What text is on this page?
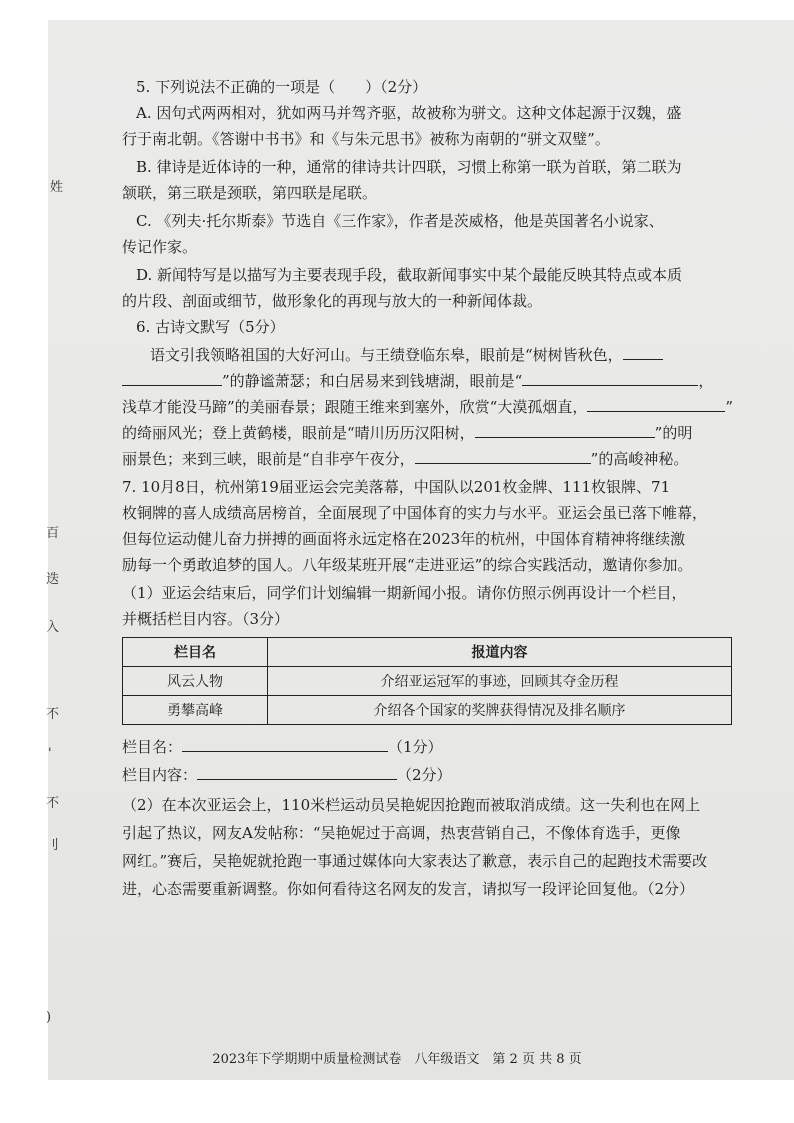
姓
百
迭
入
不
'
不
刂
)
5. 下列说法不正确的一项是（　　）（2分）
A. 因句式两两相对，犹如两马并驾齐驱，故被称为骈文。这种文体起源于汉魏，盛
行于南北朝。《答谢中书书》和《与朱元思书》被称为南朝的“骈文双璧”。
B. 律诗是近体诗的一种，通常的律诗共计四联，习惯上称第一联为首联，第二联为
颔联，第三联是颈联，第四联是尾联。
C. 《列夫·托尔斯泰》节选自《三作家》，作者是茨威格，他是英国著名小说家、
传记作家。
D. 新闻特写是以描写为主要表现手段，截取新闻事实中某个最能反映其特点或本质
的片段、剖面或细节，做形象化的再现与放大的一种新闻体裁。
6. 古诗文默写（5分）
语文引我领略祖国的大好河山。与王绩登临东皋，眼前是“树树皆秋色，
”的静谧萧瑟；和白居易来到钱塘湖，眼前是“	，
浅草才能没马蹄”的美丽春景；跟随王维来到塞外，欣赏“大漠孤烟直，	”
的绮丽风光；登上黄鹤楼，眼前是“晴川历历汉阳树，	”的明
丽景色；来到三峡，眼前是“自非亭午夜分，	”的高峻神秘。
7. 10月8日，杭州第19届亚运会完美落幕，中国队以201枚金牌、111枚银牌、71
枚铜牌的喜人成绩高居榜首，全面展现了中国体育的实力与水平。亚运会虽已落下帷幕，
但每位运动健儿奋力拼搏的画面将永远定格在2023年的杭州，中国体育精神将继续激
励每一个勇敢追梦的国人。八年级某班开展“走进亚运”的综合实践活动，邀请你参加。
（1）亚运会结束后，同学们计划编辑一期新闻小报。请你仿照示例再设计一个栏目，
并概括栏目内容。（3分）
栏目名	报道内容
风云人物	介绍亚运冠军的事迹，回顾其夺金历程
勇攀高峰	介绍各个国家的奖牌获得情况及排名顺序
栏目名：	（1分）
栏目内容：	（2分）
（2）在本次亚运会上，110米栏运动员吴艳妮因抢跑而被取消成绩。这一失利也在网上
引起了热议，网友A发帖称：“吴艳妮过于高调，热衷营销自己，不像体育选手，更像
网红。”赛后，吴艳妮就抢跑一事通过媒体向大家表达了歉意，表示自己的起跑技术需要改
进，心态需要重新调整。你如何看待这名网友的发言，请拟写一段评论回复他。（2分）
2023年下学期期中质量检测试卷　八年级语文　第 2 页 共 8 页
